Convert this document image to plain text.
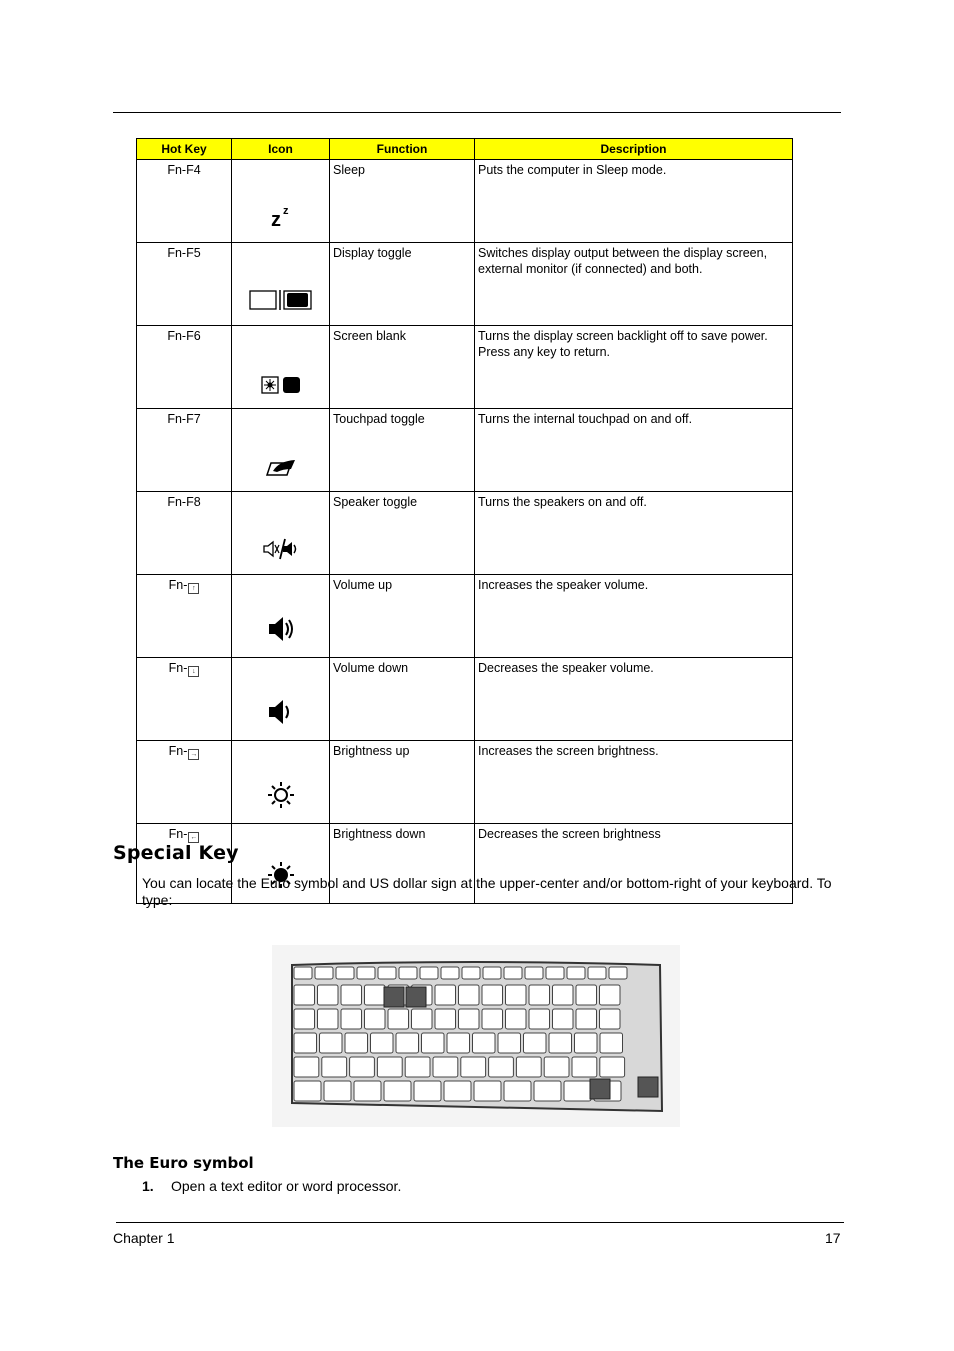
Hot Key	Icon	Function	Description
Fn-F4	z z	Sleep	Puts the computer in Sleep mode.
Fn-F5		Display toggle	Switches display output between the display screen, external monitor (if connected) and both.
Fn-F6		Screen blank	Turns the display screen backlight off to save power. Press any key to return.
Fn-F7		Touchpad toggle	Turns the internal touchpad on and off.
Fn-F8		Speaker toggle	Turns the speakers on and off.
Fn- ↑		Volume up	Increases the speaker volume.
Fn- ↓		Volume down	Decreases the speaker volume.
Fn- →		Brightness up	Increases the screen brightness.
Fn- ←		Brightness down	Decreases the screen brightness
Special Key
You can locate the Euro symbol and US dollar sign at the upper-center and/or bottom-right of your keyboard. To type:
The Euro symbol
1. Open a text editor or word processor.
Chapter 1	17
